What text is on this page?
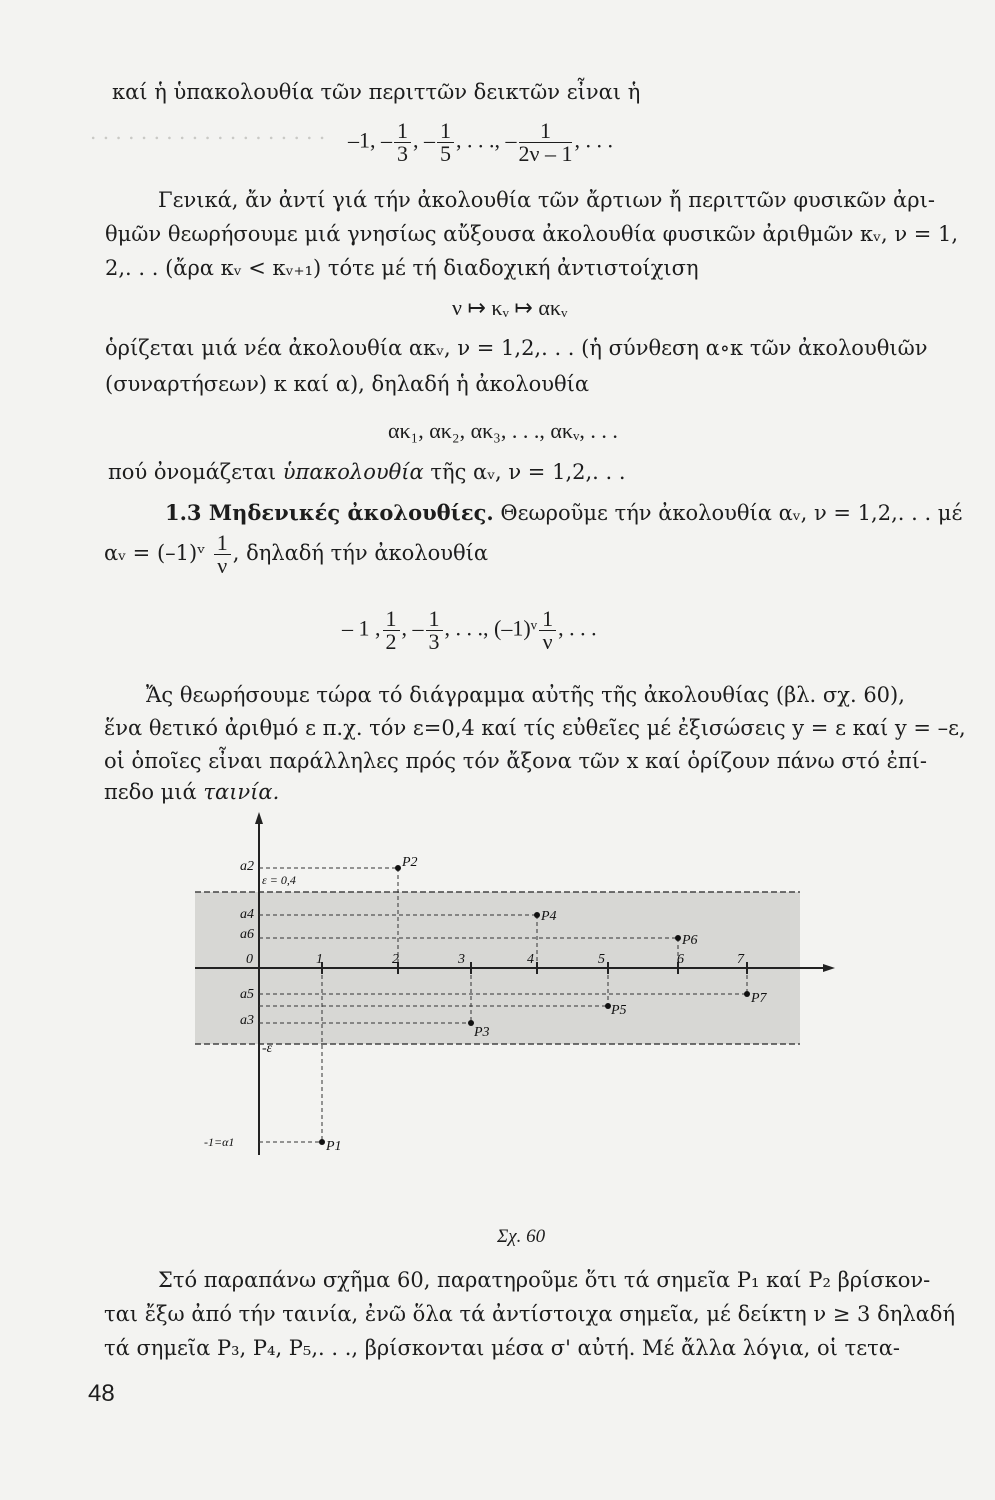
. . . . . . . . . . . . . . . . . . .
καί ἡ ὑπακολουθία τῶν περιττῶν δεικτῶν εἶναι ἡ
–1, – $\frac{1}{3}$ , – $\frac{1}{5}$ , . . ., – $\frac{1}{2\nu - 1}$ , . . .
Γενικά, ἄν ἀντί γιά τήν ἀκολουθία τῶν ἄρτιων ἤ περιττῶν φυσικῶν ἀρι-
θμῶν θεωρήσουμε μιά γνησίως αὔξουσα ἀκολουθία φυσικῶν ἀριθμῶν κᵥ, ν = 1,
2,. . . (ἄρα κᵥ < κᵥ₊₁) τότε μέ τή διαδοχική ἀντιστοίχιση
ν ↦ κᵥ ↦ ακᵥ
ὁρίζεται μιά νέα ἀκολουθία ακᵥ, ν = 1,2,. . . (ἡ σύνθεση α∘κ τῶν ἀκολουθιῶν
(συναρτήσεων) κ καί α), δηλαδή ἡ ἀκολουθία
ακ₁, ακ₂, ακ₃, . . ., ακᵥ, . . .
πού ὀνομάζεται ὑπακολουθία τῆς αᵥ, ν = 1,2,. . .
1.3 Μηδενικές ἀκολουθίες. Θεωροῦμε τήν ἀκολουθία αᵥ, ν = 1,2,. . . μέ
αᵥ = (–1)ᵛ $\frac{1}{\nu}$ , δηλαδή τήν ἀκολουθία
– 1 , $\frac{1}{2}$ , – $\frac{1}{3}$ , . . ., (–1)ᵛ $\frac{1}{\nu}$ , . . .
Ἄς θεωρήσουμε τώρα τό διάγραμμα αὐτῆς τῆς ἀκολουθίας (βλ. σχ. 60),
ἕνα θετικό ἀριθμό ε π.χ. τόν ε=0,4 καί τίς εὐθεῖες μέ ἐξισώσεις y = ε καί y = –ε,
οἱ ὁποῖες εἶναι παράλληλες πρός τόν ἄξονα τῶν x καί ὁρίζουν πάνω στό ἐπί-
πεδο μιά ταινία.
a2
ε = 0,4
a4
a6
0
a5
a3
-ε
-1=α1
1	2	3	4	5	6	7
P1
P2
P3
P4
P5
P6
P7
Σχ. 60
Στό παραπάνω σχῆμα 60, παρατηροῦμε ὅτι τά σημεῖα P₁ καί P₂ βρίσκον-
ται ἔξω ἀπό τήν ταινία, ἐνῶ ὅλα τά ἀντίστοιχα σημεῖα, μέ δείκτη ν ≥ 3 δηλαδή
τά σημεῖα P₃, P₄, P₅,. . ., βρίσκονται μέσα σ' αὐτή. Μέ ἄλλα λόγια, οἱ τετα-
48
